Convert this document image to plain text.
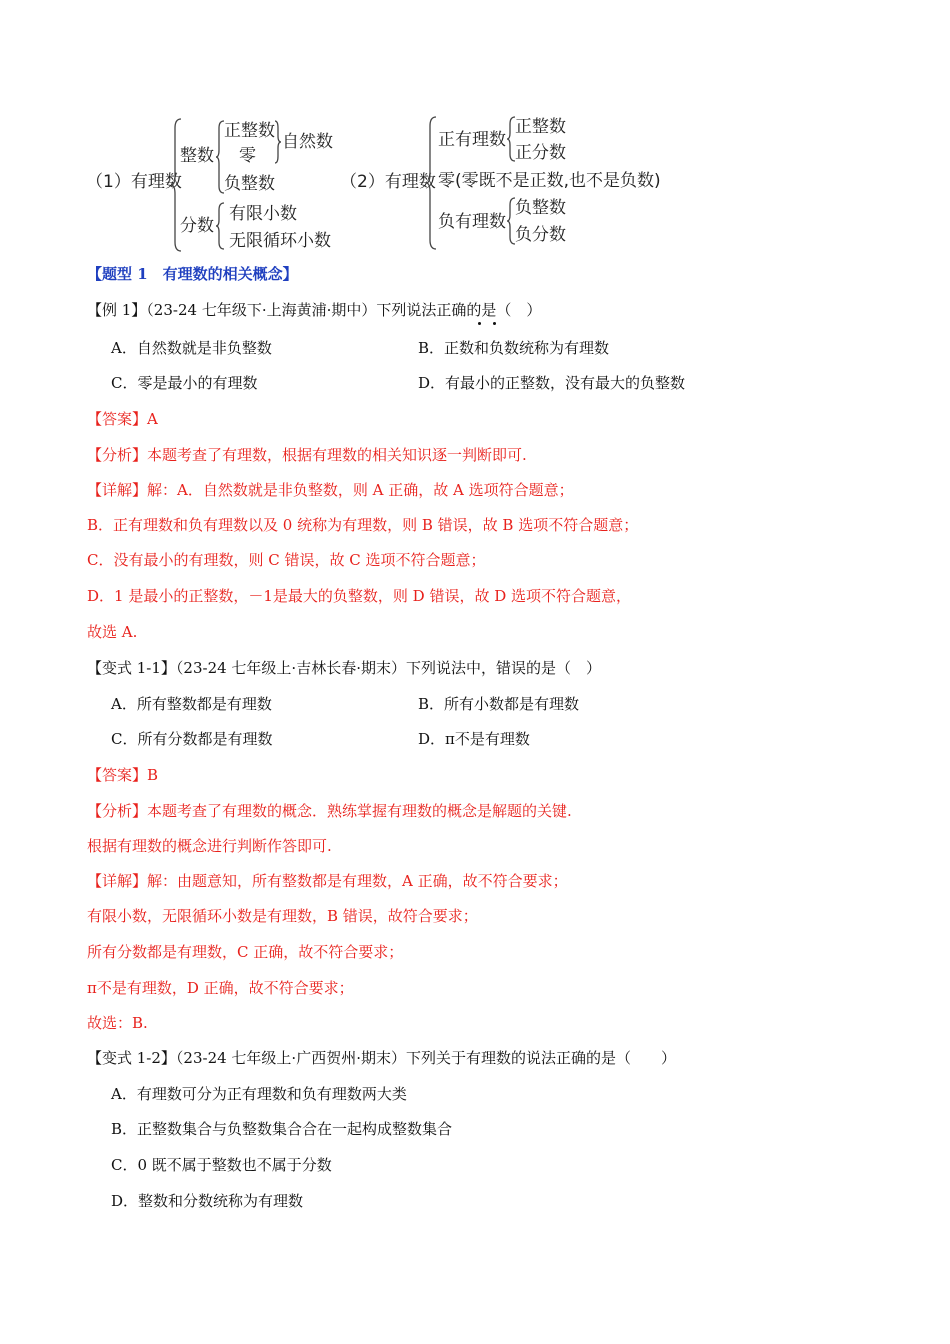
（1）有理数
整数
正整数
零
负整数
自然数
分数
有限小数
无限循环小数
（2）有理数
正有理数
正整数
正分数
零(零既不是正数,也不是负数)
负有理数
负整数
负分数
【题型 1　有理数的相关概念】
【例 1】（23-24 七年级下·上海黄浦·期中）下列说法正确的是（　）
A．自然数就是非负整数	B．正数和负数统称为有理数
C．零是最小的有理数	D．有最小的正整数，没有最大的负整数
【答案】A
【分析】本题考查了有理数，根据有理数的相关知识逐一判断即可.
【详解】解：A．自然数就是非负整数，则 A 正确，故 A 选项符合题意；
B．正有理数和负有理数以及 0 统称为有理数，则 B 错误，故 B 选项不符合题意；
C．没有最小的有理数，则 C 错误，故 C 选项不符合题意；
D．1 是最小的正整数，－1是最大的负整数，则 D 错误，故 D 选项不符合题意，
故选 A.
【变式 1-1】（23-24 七年级上·吉林长春·期末）下列说法中，错误的是（　）
A．所有整数都是有理数	B．所有小数都是有理数
C．所有分数都是有理数	D．π不是有理数
【答案】B
【分析】本题考查了有理数的概念．熟练掌握有理数的概念是解题的关键.
根据有理数的概念进行判断作答即可.
【详解】解：由题意知，所有整数都是有理数，A 正确，故不符合要求；
有限小数，无限循环小数是有理数，B 错误，故符合要求；
所有分数都是有理数，C 正确，故不符合要求；
π不是有理数，D 正确，故不符合要求；
故选：B.
【变式 1-2】（23-24 七年级上·广西贺州·期末）下列关于有理数的说法正确的是（　　）
A．有理数可分为正有理数和负有理数两大类
B．正整数集合与负整数集合合在一起构成整数集合
C．0 既不属于整数也不属于分数
D．整数和分数统称为有理数
